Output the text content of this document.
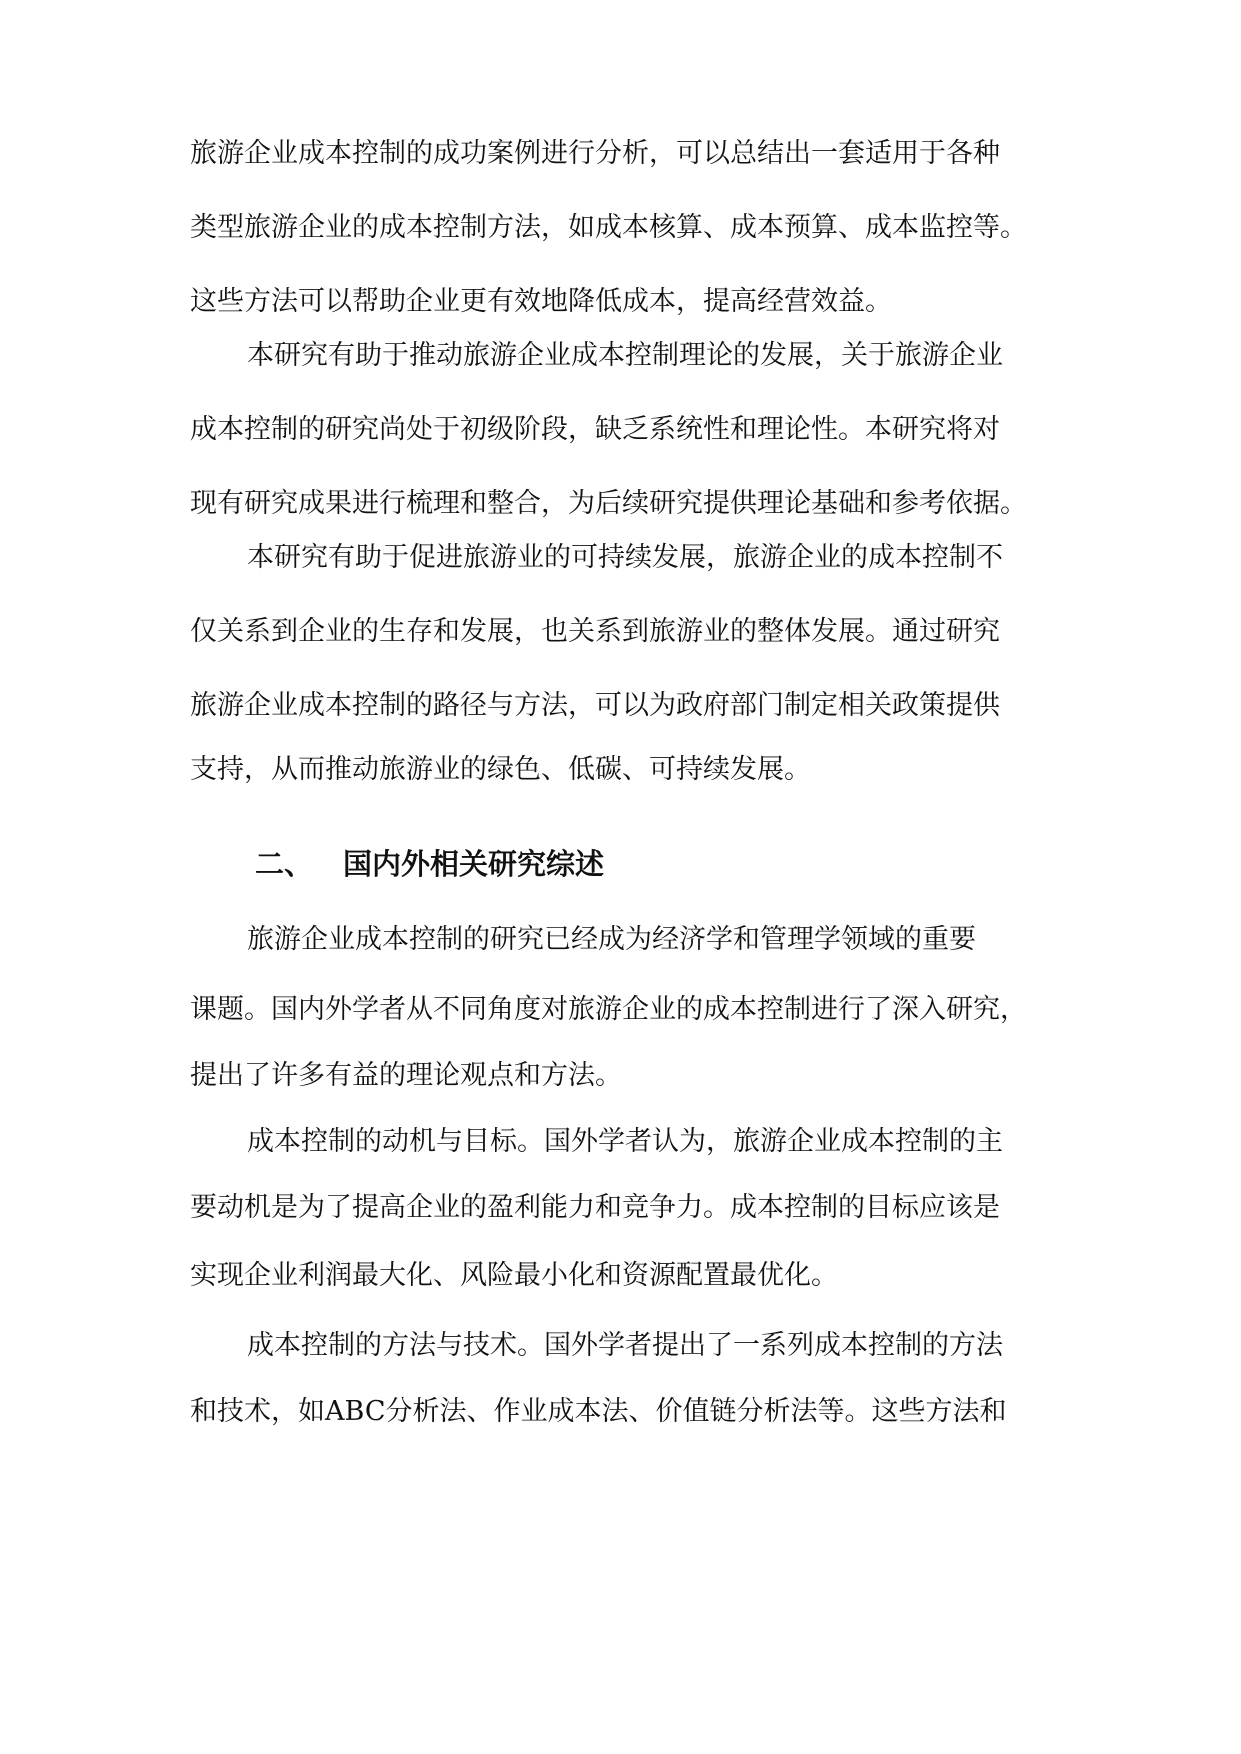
旅游企业成本控制的成功案例进行分析，可以总结出一套适用于各种
类型旅游企业的成本控制方法，如成本核算、成本预算、成本监控等。
这些方法可以帮助企业更有效地降低成本，提高经营效益。
本研究有助于推动旅游企业成本控制理论的发展，关于旅游企业
成本控制的研究尚处于初级阶段，缺乏系统性和理论性。本研究将对
现有研究成果进行梳理和整合，为后续研究提供理论基础和参考依据。
本研究有助于促进旅游业的可持续发展，旅游企业的成本控制不
仅关系到企业的生存和发展，也关系到旅游业的整体发展。通过研究
旅游企业成本控制的路径与方法，可以为政府部门制定相关政策提供
支持，从而推动旅游业的绿色、低碳、可持续发展。
二、 国内外相关研究综述
旅游企业成本控制的研究已经成为经济学和管理学领域的重要
课题。国内外学者从不同角度对旅游企业的成本控制进行了深入研究，
提出了许多有益的理论观点和方法。
成本控制的动机与目标。国外学者认为，旅游企业成本控制的主
要动机是为了提高企业的盈利能力和竞争力。成本控制的目标应该是
实现企业利润最大化、风险最小化和资源配置最优化。
成本控制的方法与技术。国外学者提出了一系列成本控制的方法
和技术，如ABC分析法、作业成本法、价值链分析法等。这些方法和
